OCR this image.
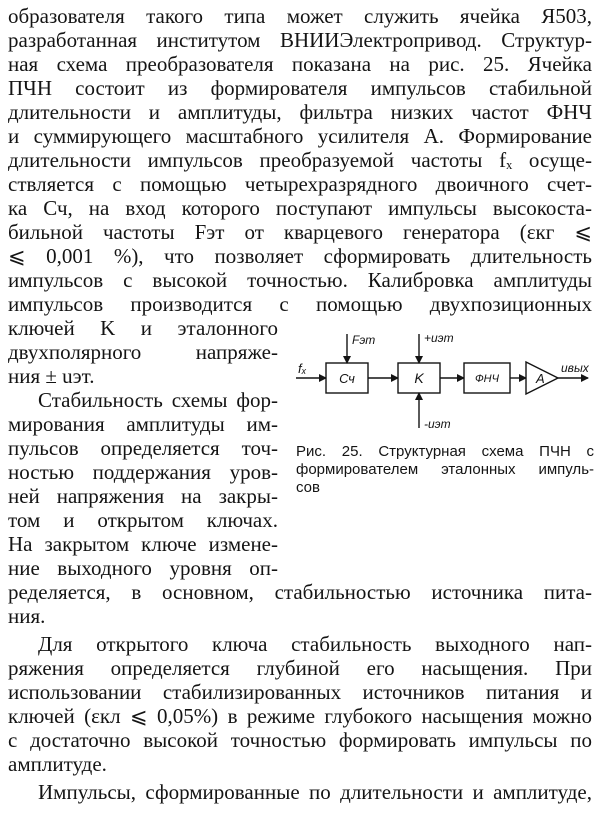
образователя такого типа может служить ячейка Я503,
разработанная институтом ВНИИЭлектропривод. Структур-
ная схема преобразователя показана на рис. 25. Ячейка
ПЧН состоит из формирователя импульсов стабильной
длительности и амплитуды, фильтра низких частот ФНЧ
и суммирующего масштабного усилителя A. Формирование
длительности импульсов преобразуемой частоты fₓ осуще-
ствляется с помощью четырехразрядного двоичного счет-
ка Сч, на вход которого поступают импульсы высокоста-
бильной частоты Fэт от кварцевого генератора (εкг ⩽
⩽ 0,001 %), что позволяет сформировать длительность
импульсов с высокой точностью. Калибровка амплитуды
импульсов производится с помощью двухпозиционных
ключей K и эталонного
двухполярного напряже-
ния ± uэт.
Стабильность схемы фор-
мирования амплитуды им-
пульсов определяется точ-
ностью поддержания уров-
ней напряжения на закры-
том и открытом ключах.
На закрытом ключе измене-
ние выходного уровня оп-
ределяется, в основном, стабильностью источника пита-
ния.
Для открытого ключа стабильность выходного нап-
ряжения определяется глубиной его насыщения. При
использовании стабилизированных источников питания и
ключей (εкл ⩽ 0,05%) в режиме глубокого насыщения можно
с достаточно высокой точностью формировать импульсы по
амплитуде.
Импульсы, сформированные по длительности и амплитуде,
fₓ
Сч
Fэт
K
+uэт
-uэт
ФНЧ	A
uвых
Рис. 25. Структурная схема ПЧН с
формирователем эталонных импуль-
сов
